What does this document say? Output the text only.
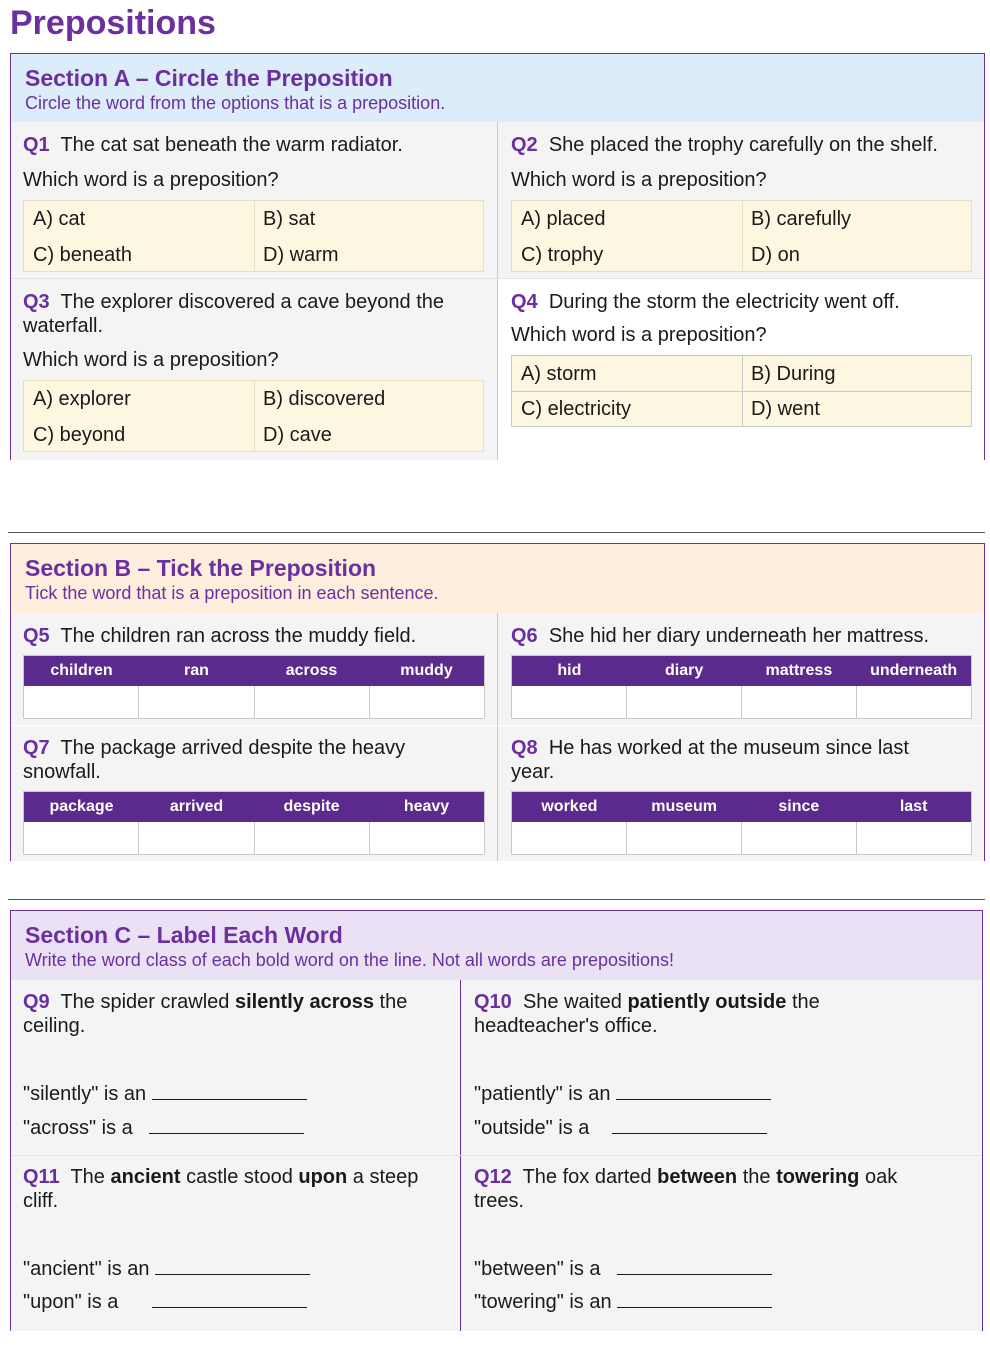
Prepositions
Section A – Circle the Preposition
Circle the word from the options that is a preposition.
Q1 The cat sat beneath the warm radiator.
Which word is a preposition?
A) cat	B) sat
C) beneath	D) warm
Q2 She placed the trophy carefully on the shelf.
Which word is a preposition?
A) placed	B) carefully
C) trophy	D) on
Q3 The explorer discovered a cave beyond the waterfall.
Which word is a preposition?
A) explorer	B) discovered
C) beyond	D) cave
Q4 During the storm the electricity went off.
Which word is a preposition?
A) storm	B) During
C) electricity	D) went
Section B – Tick the Preposition
Tick the word that is a preposition in each sentence.
Q5 The children ran across the muddy field.
children	ran	across	muddy
Q6 She hid her diary underneath her mattress.
hid	diary	mattress	underneath
Q7 The package arrived despite the heavy snowfall.
package	arrived	despite	heavy
Q8 He has worked at the museum since last year.
worked	museum	since	last
Section C – Label Each Word
Write the word class of each bold word on the line. Not all words are prepositions!
Q9 The spider crawled silently across the ceiling.
"silently" is an
"across" is a
Q10 She waited patiently outside the headteacher's office.
"patiently" is an
"outside" is a
Q11 The ancient castle stood upon a steep cliff.
"ancient" is an
"upon" is a
Q12 The fox darted between the towering oak trees.
"between" is a
"towering" is an
